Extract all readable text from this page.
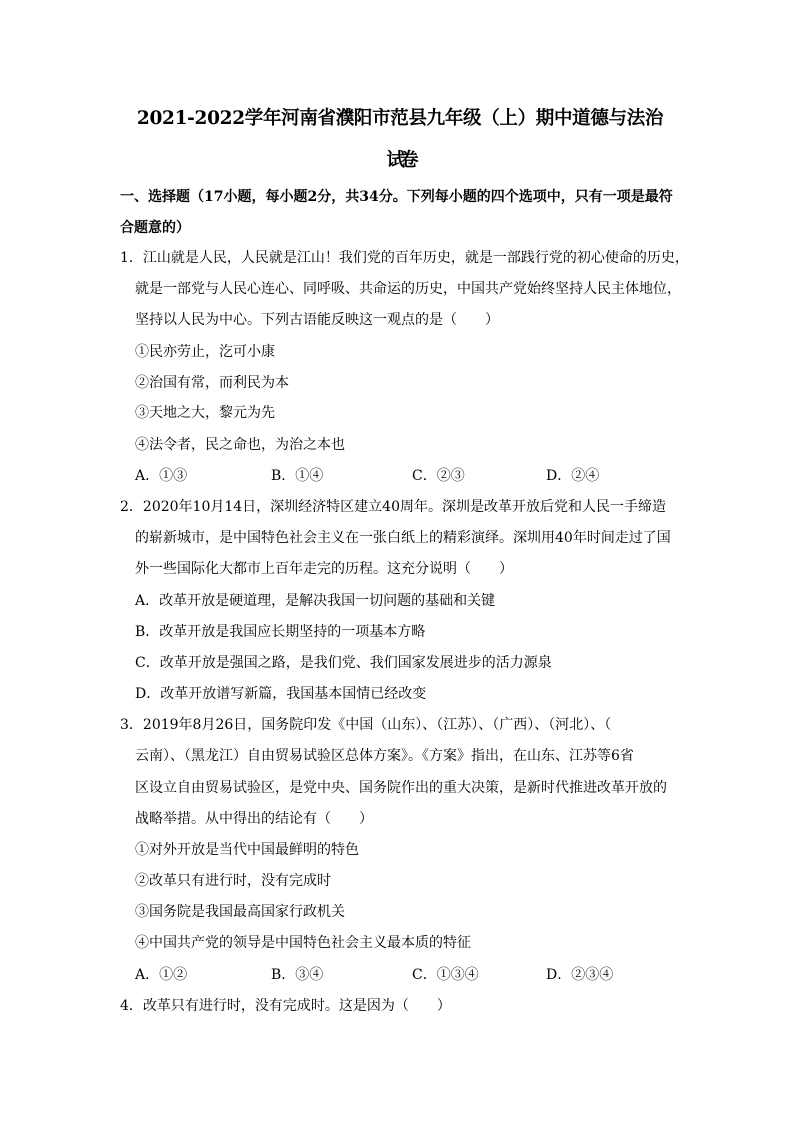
2021-2022学年河南省濮阳市范县九年级（上）期中道德与法治
试卷
一、选择题（17小题，每小题2分，共34分。下列每小题的四个选项中，只有一项是最符
合题意的）
1．江山就是人民，人民就是江山！我们党的百年历史，就是一部践行党的初心使命的历史，
就是一部党与人民心连心、同呼吸、共命运的历史，中国共产党始终坚持人民主体地位，
坚持以人民为中心。下列古语能反映这一观点的是（　　）
①民亦劳止，汔可小康
②治国有常，而利民为本
③天地之大，黎元为先
④法令者，民之命也，为治之本也
A．①③	B．①④	C．②③	D．②④
2．2020年10月14日，深圳经济特区建立40周年。深圳是改革开放后党和人民一手缔造
的崭新城市，是中国特色社会主义在一张白纸上的精彩演绎。深圳用40年时间走过了国
外一些国际化大都市上百年走完的历程。这充分说明（　　）
A．改革开放是硬道理，是解决我国一切问题的基础和关键
B．改革开放是我国应长期坚持的一项基本方略
C．改革开放是强国之路，是我们党、我们国家发展进步的活力源泉
D．改革开放谱写新篇，我国基本国情已经改变
3．2019年8月26日，国务院印发《中国（山东）、（江苏）、（广西）、（河北）、（
云南）、（黑龙江）自由贸易试验区总体方案》。《方案》指出，在山东、江苏等6省
区设立自由贸易试验区，是党中央、国务院作出的重大决策，是新时代推进改革开放的
战略举措。从中得出的结论有（　　）
①对外开放是当代中国最鲜明的特色
②改革只有进行时，没有完成时
③国务院是我国最高国家行政机关
④中国共产党的领导是中国特色社会主义最本质的特征
A．①②	B．③④	C．①③④	D．②③④
4．改革只有进行时，没有完成时。这是因为（　　）
